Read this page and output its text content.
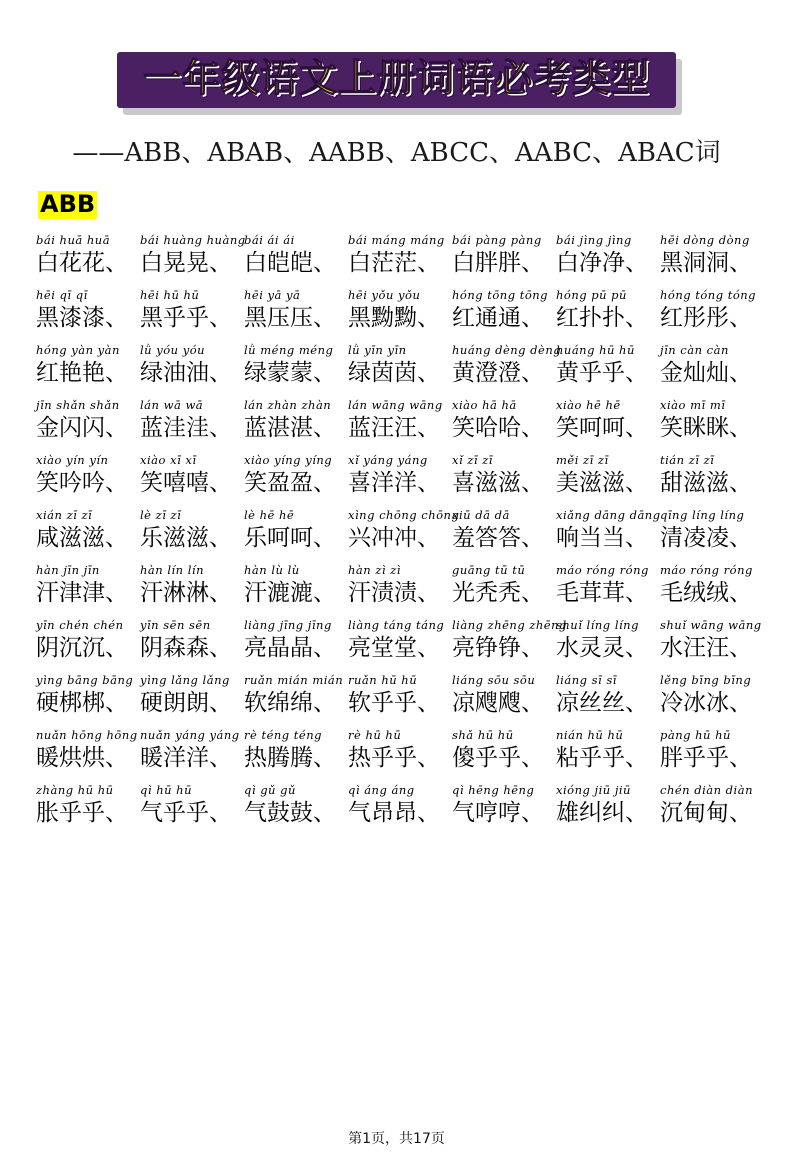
一年级语文上册词语必考类型
——ABB、ABAB、AABB、ABCC、AABC、ABAC词
ABB
bái huā huā
白花花、
bái huàng huàng
白晃晃、
bái ái ái
白皑皑、
bái máng máng
白茫茫、
bái pàng pàng
白胖胖、
bái jìng jìng
白净净、
hēi dòng dòng
黑洞洞、
hēi qī qī
黑漆漆、
hēi hū hū
黑乎乎、
hēi yā yā
黑压压、
hēi yǒu yǒu
黑黝黝、
hóng tōng tōng
红通通、
hóng pū pū
红扑扑、
hóng tóng tóng
红彤彤、
hóng yàn yàn
红艳艳、
lǜ yóu yóu
绿油油、
lǜ méng méng
绿蒙蒙、
lǜ yīn yīn
绿茵茵、
huáng dèng dèng
黄澄澄、
huáng hū hū
黄乎乎、
jīn càn càn
金灿灿、
jīn shǎn shǎn
金闪闪、
lán wā wā
蓝洼洼、
lán zhàn zhàn
蓝湛湛、
lán wāng wāng
蓝汪汪、
xiào hā hā
笑哈哈、
xiào hē hē
笑呵呵、
xiào mī mī
笑眯眯、
xiào yín yín
笑吟吟、
xiào xī xī
笑嘻嘻、
xiào yíng yíng
笑盈盈、
xǐ yáng yáng
喜洋洋、
xǐ zī zī
喜滋滋、
měi zī zī
美滋滋、
tián zī zī
甜滋滋、
xián zī zī
咸滋滋、
lè zī zī
乐滋滋、
lè hē hē
乐呵呵、
xìng chōng chōng
兴冲冲、
xiū dā dā
羞答答、
xiǎng dāng dāng
响当当、
qīng líng líng
清凌凌、
hàn jīn jīn
汗津津、
hàn lín lín
汗淋淋、
hàn lù lù
汗漉漉、
hàn zì zì
汗渍渍、
guāng tū tū
光秃秃、
máo róng róng
毛茸茸、
máo róng róng
毛绒绒、
yīn chén chén
阴沉沉、
yīn sēn sēn
阴森森、
liàng jīng jīng
亮晶晶、
liàng táng táng
亮堂堂、
liàng zhēng zhēng
亮铮铮、
shuǐ líng líng
水灵灵、
shuǐ wāng wāng
水汪汪、
yìng bāng bāng
硬梆梆、
yìng lǎng lǎng
硬朗朗、
ruǎn mián mián
软绵绵、
ruǎn hū hū
软乎乎、
liáng sōu sōu
凉飕飕、
liáng sī sī
凉丝丝、
lěng bīng bīng
冷冰冰、
nuǎn hōng hōng
暖烘烘、
nuǎn yáng yáng
暖洋洋、
rè téng téng
热腾腾、
rè hū hū
热乎乎、
shǎ hū hū
傻乎乎、
nián hū hū
粘乎乎、
pàng hū hū
胖乎乎、
zhàng hū hū
胀乎乎、
qì hū hū
气乎乎、
qì gǔ gǔ
气鼓鼓、
qì áng áng
气昂昂、
qì hēng hēng
气哼哼、
xióng jiū jiū
雄纠纠、
chén diàn diàn
沉甸甸、
第1页，共17页
